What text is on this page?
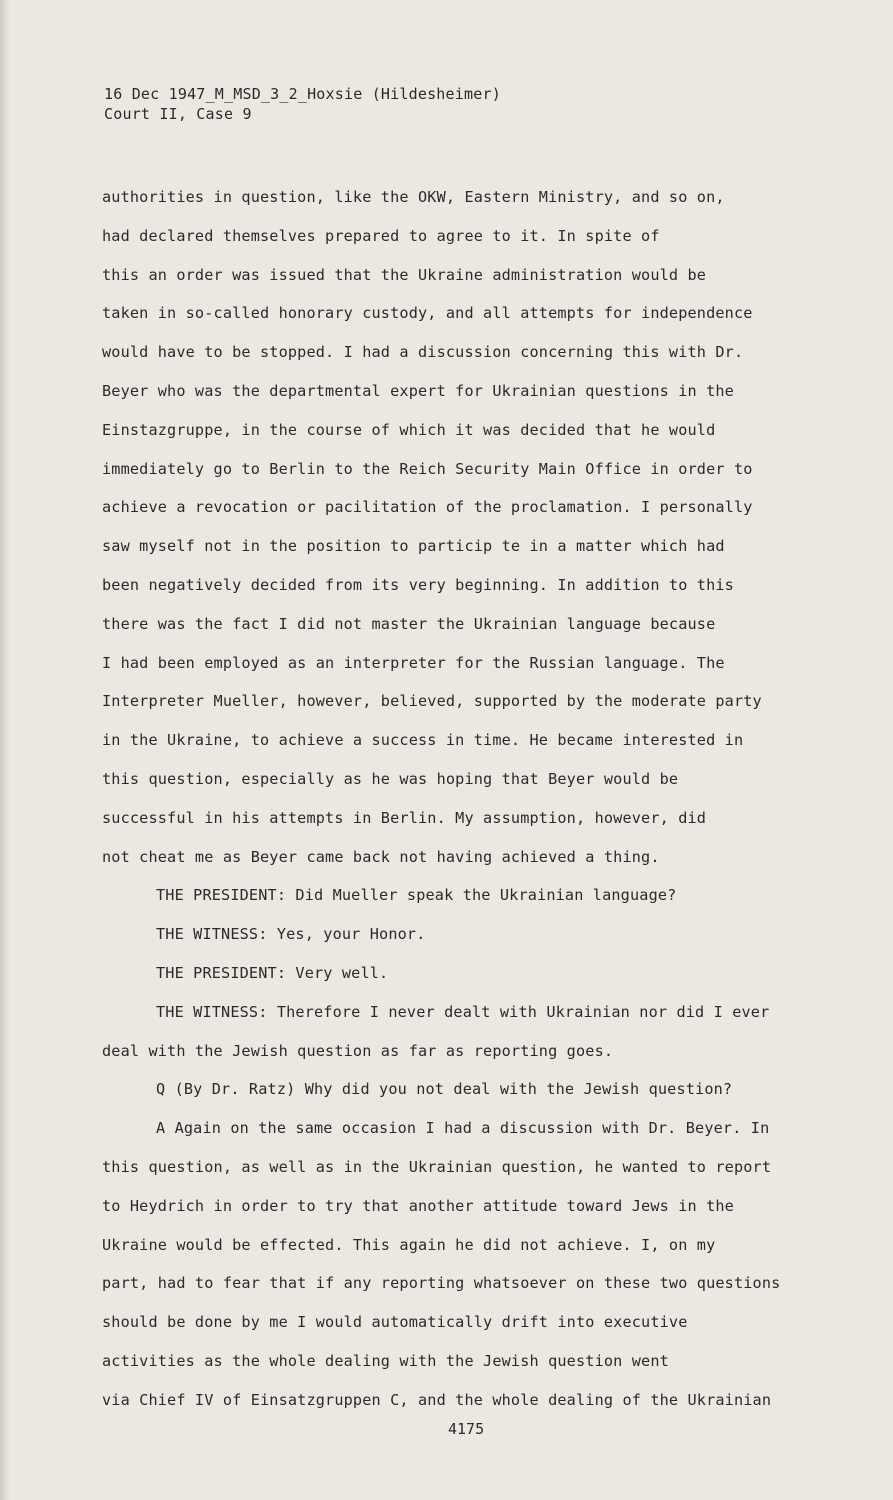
16 Dec 1947_M_MSD_3_2_Hoxsie (Hildesheimer)
Court II, Case 9
authorities in question, like the OKW, Eastern Ministry, and so on,
had declared themselves prepared to agree to it. In spite of
this an order was issued that the Ukraine administration would be
taken in so-called honorary custody, and all attempts for independence
would have to be stopped. I had a discussion concerning this with Dr.
Beyer who was the departmental expert for Ukrainian questions in the
Einstazgruppe, in the course of which it was decided that he would
immediately go to Berlin to the Reich Security Main Office in order to
achieve a revocation or pacilitation of the proclamation. I personally
saw myself not in the position to particip te in a matter which had
been negatively decided from its very beginning. In addition to this
there was the fact I did not master the Ukrainian language because
I had been employed as an interpreter for the Russian language. The
Interpreter Mueller, however, believed, supported by the moderate party
in the Ukraine, to achieve a success in time. He became interested in
this question, especially as he was hoping that Beyer would be
successful in his attempts in Berlin. My assumption, however, did
not cheat me as Beyer came back not having achieved a thing.
THE PRESIDENT: Did Mueller speak the Ukrainian language?
THE WITNESS: Yes, your Honor.
THE PRESIDENT: Very well.
THE WITNESS: Therefore I never dealt with Ukrainian nor did I ever
deal with the Jewish question as far as reporting goes.
Q (By Dr. Ratz) Why did you not deal with the Jewish question?
A Again on the same occasion I had a discussion with Dr. Beyer. In
this question, as well as in the Ukrainian question, he wanted to report
to Heydrich in order to try that another attitude toward Jews in the
Ukraine would be effected. This again he did not achieve. I, on my
part, had to fear that if any reporting whatsoever on these two questions
should be done by me I would automatically drift into executive
activities as the whole dealing with the Jewish question went
via Chief IV of Einsatzgruppen C, and the whole dealing of the Ukrainian
4175
